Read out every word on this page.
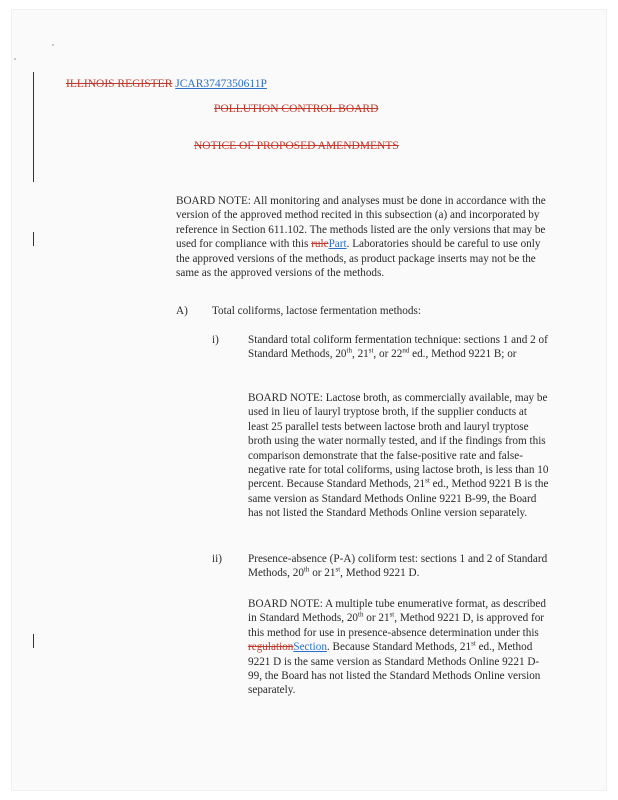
ILLINOIS REGISTER JCAR3747350611P
POLLUTION CONTROL BOARD
NOTICE OF PROPOSED AMENDMENTS
BOARD NOTE: All monitoring and analyses must be done in accordance with the version of the approved method recited in this subsection (a) and incorporated by reference in Section 611.102. The methods listed are the only versions that may be used for compliance with this rulePart. Laboratories should be careful to use only the approved versions of the methods, as product package inserts may not be the same as the approved versions of the methods.
A) Total coliforms, lactose fermentation methods:
i)	Standard total coliform fermentation technique: sections 1 and 2 of Standard Methods, 20th, 21st, or 22nd ed., Method 9221 B; or
BOARD NOTE: Lactose broth, as commercially available, may be used in lieu of lauryl tryptose broth, if the supplier conducts at least 25 parallel tests between lactose broth and lauryl tryptose broth using the water normally tested, and if the findings from this comparison demonstrate that the false-positive rate and false-negative rate for total coliforms, using lactose broth, is less than 10 percent. Because Standard Methods, 21st ed., Method 9221 B is the same version as Standard Methods Online 9221 B-99, the Board has not listed the Standard Methods Online version separately.
ii) Presence-absence (P-A) coliform test: sections 1 and 2 of Standard Methods, 20th or 21st, Method 9221 D.
BOARD NOTE: A multiple tube enumerative format, as described in Standard Methods, 20th or 21st, Method 9221 D, is approved for this method for use in presence-absence determination under this regulationSection. Because Standard Methods, 21st ed., Method 9221 D is the same version as Standard Methods Online 9221 D-99, the Board has not listed the Standard Methods Online version separately.
